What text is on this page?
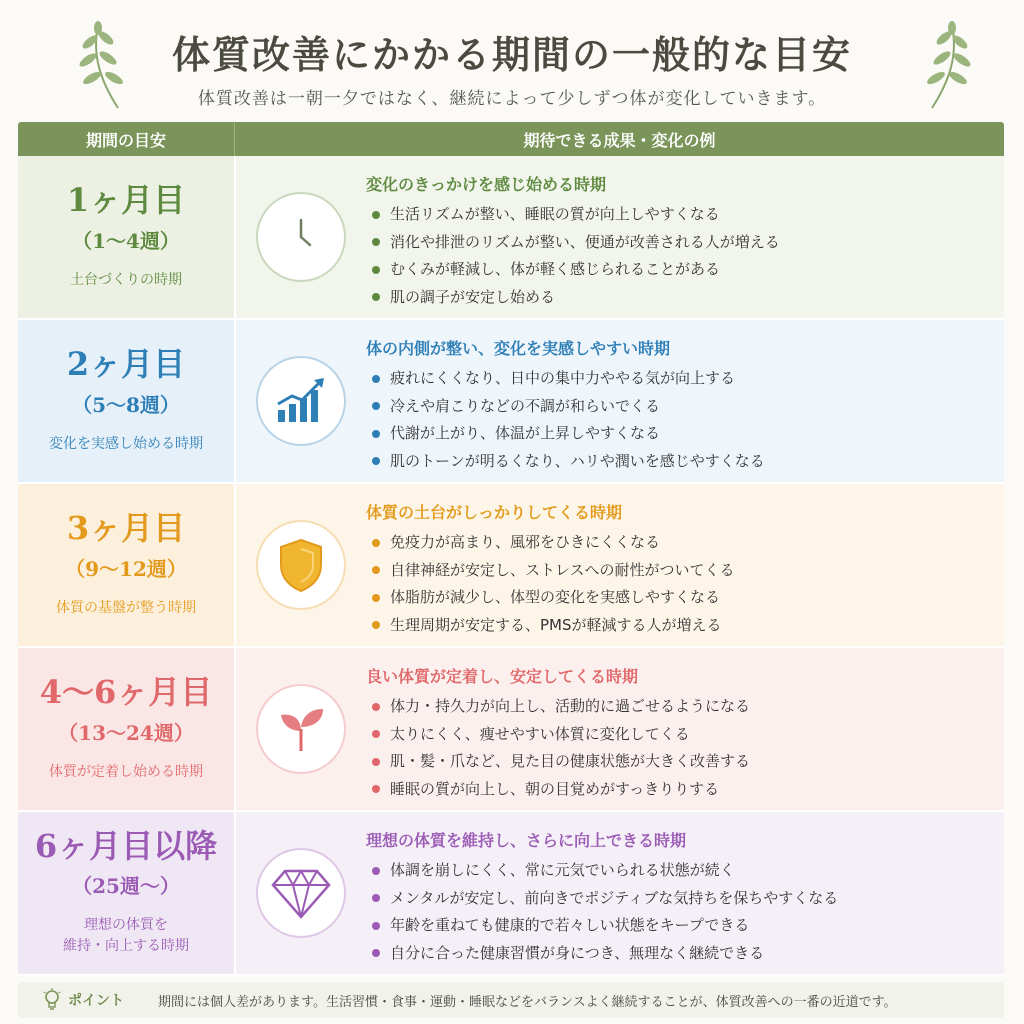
体質改善にかかる期間の一般的な目安
体質改善は一朝一夕ではなく、継続によって少しずつ体が変化していきます。
期間の目安	期待できる成果・変化の例
1ヶ月目
（1〜4週）
土台づくりの時期
変化のきっかけを感じ始める時期
生活リズムが整い、睡眠の質が向上しやすくなる
消化や排泄のリズムが整い、便通が改善される人が増える
むくみが軽減し、体が軽く感じられることがある
肌の調子が安定し始める
2ヶ月目
（5〜8週）
変化を実感し始める時期
体の内側が整い、変化を実感しやすい時期
疲れにくくなり、日中の集中力ややる気が向上する
冷えや肩こりなどの不調が和らいでくる
代謝が上がり、体温が上昇しやすくなる
肌のトーンが明るくなり、ハリや潤いを感じやすくなる
3ヶ月目
（9〜12週）
体質の基盤が整う時期
体質の土台がしっかりしてくる時期
免疫力が高まり、風邪をひきにくくなる
自律神経が安定し、ストレスへの耐性がついてくる
体脂肪が減少し、体型の変化を実感しやすくなる
生理周期が安定する、PMSが軽減する人が増える
4〜6ヶ月目
（13〜24週）
体質が定着し始める時期
良い体質が定着し、安定してくる時期
体力・持久力が向上し、活動的に過ごせるようになる
太りにくく、痩せやすい体質に変化してくる
肌・髪・爪など、見た目の健康状態が大きく改善する
睡眠の質が向上し、朝の目覚めがすっきりりする
6ヶ月目以降
（25週〜）
理想の体質を
維持・向上する時期
理想の体質を維持し、さらに向上できる時期
体調を崩しにくく、常に元気でいられる状態が続く
メンタルが安定し、前向きでポジティブな気持ちを保ちやすくなる
年齢を重ねても健康的で若々しい状態をキープできる
自分に合った健康習慣が身につき、無理なく継続できる
ポイント	期間には個人差があります。生活習慣・食事・運動・睡眠などをバランスよく継続することが、体質改善への一番の近道です。
